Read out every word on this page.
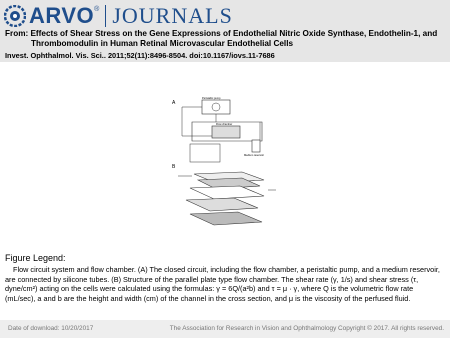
ARVO ® JOURNALS
From: Effects of Shear Stress on the Gene Expressions of Endothelial Nitric Oxide Synthase, Endothelin-1, and
Thrombomodulin in Human Retinal Microvascular Endothelial Cells
Invest. Ophthalmol. Vis. Sci.. 2011;52(11):8496-8504. doi:10.1167/iovs.11-7686
A
Peristaltic pump
Flow chamber
Medium reservoir
B
Figure Legend:
Flow circuit system and flow chamber. (A) The closed circuit, including the flow chamber, a peristaltic pump, and a medium reservoir, are connected by silicone tubes. (B) Structure of the parallel plate type flow chamber. The shear rate (γ, 1/s) and shear stress (τ, dyne/cm²) acting on the cells were calculated using the formulas: γ = 6Q/(a²b) and τ = μ · γ, where Q is the volumetric flow rate (mL/sec), a and b are the height and width (cm) of the channel in the cross section, and μ is the viscosity of the perfused fluid.
Date of download: 10/20/2017	The Association for Research in Vision and Ophthalmology Copyright © 2017. All rights reserved.
